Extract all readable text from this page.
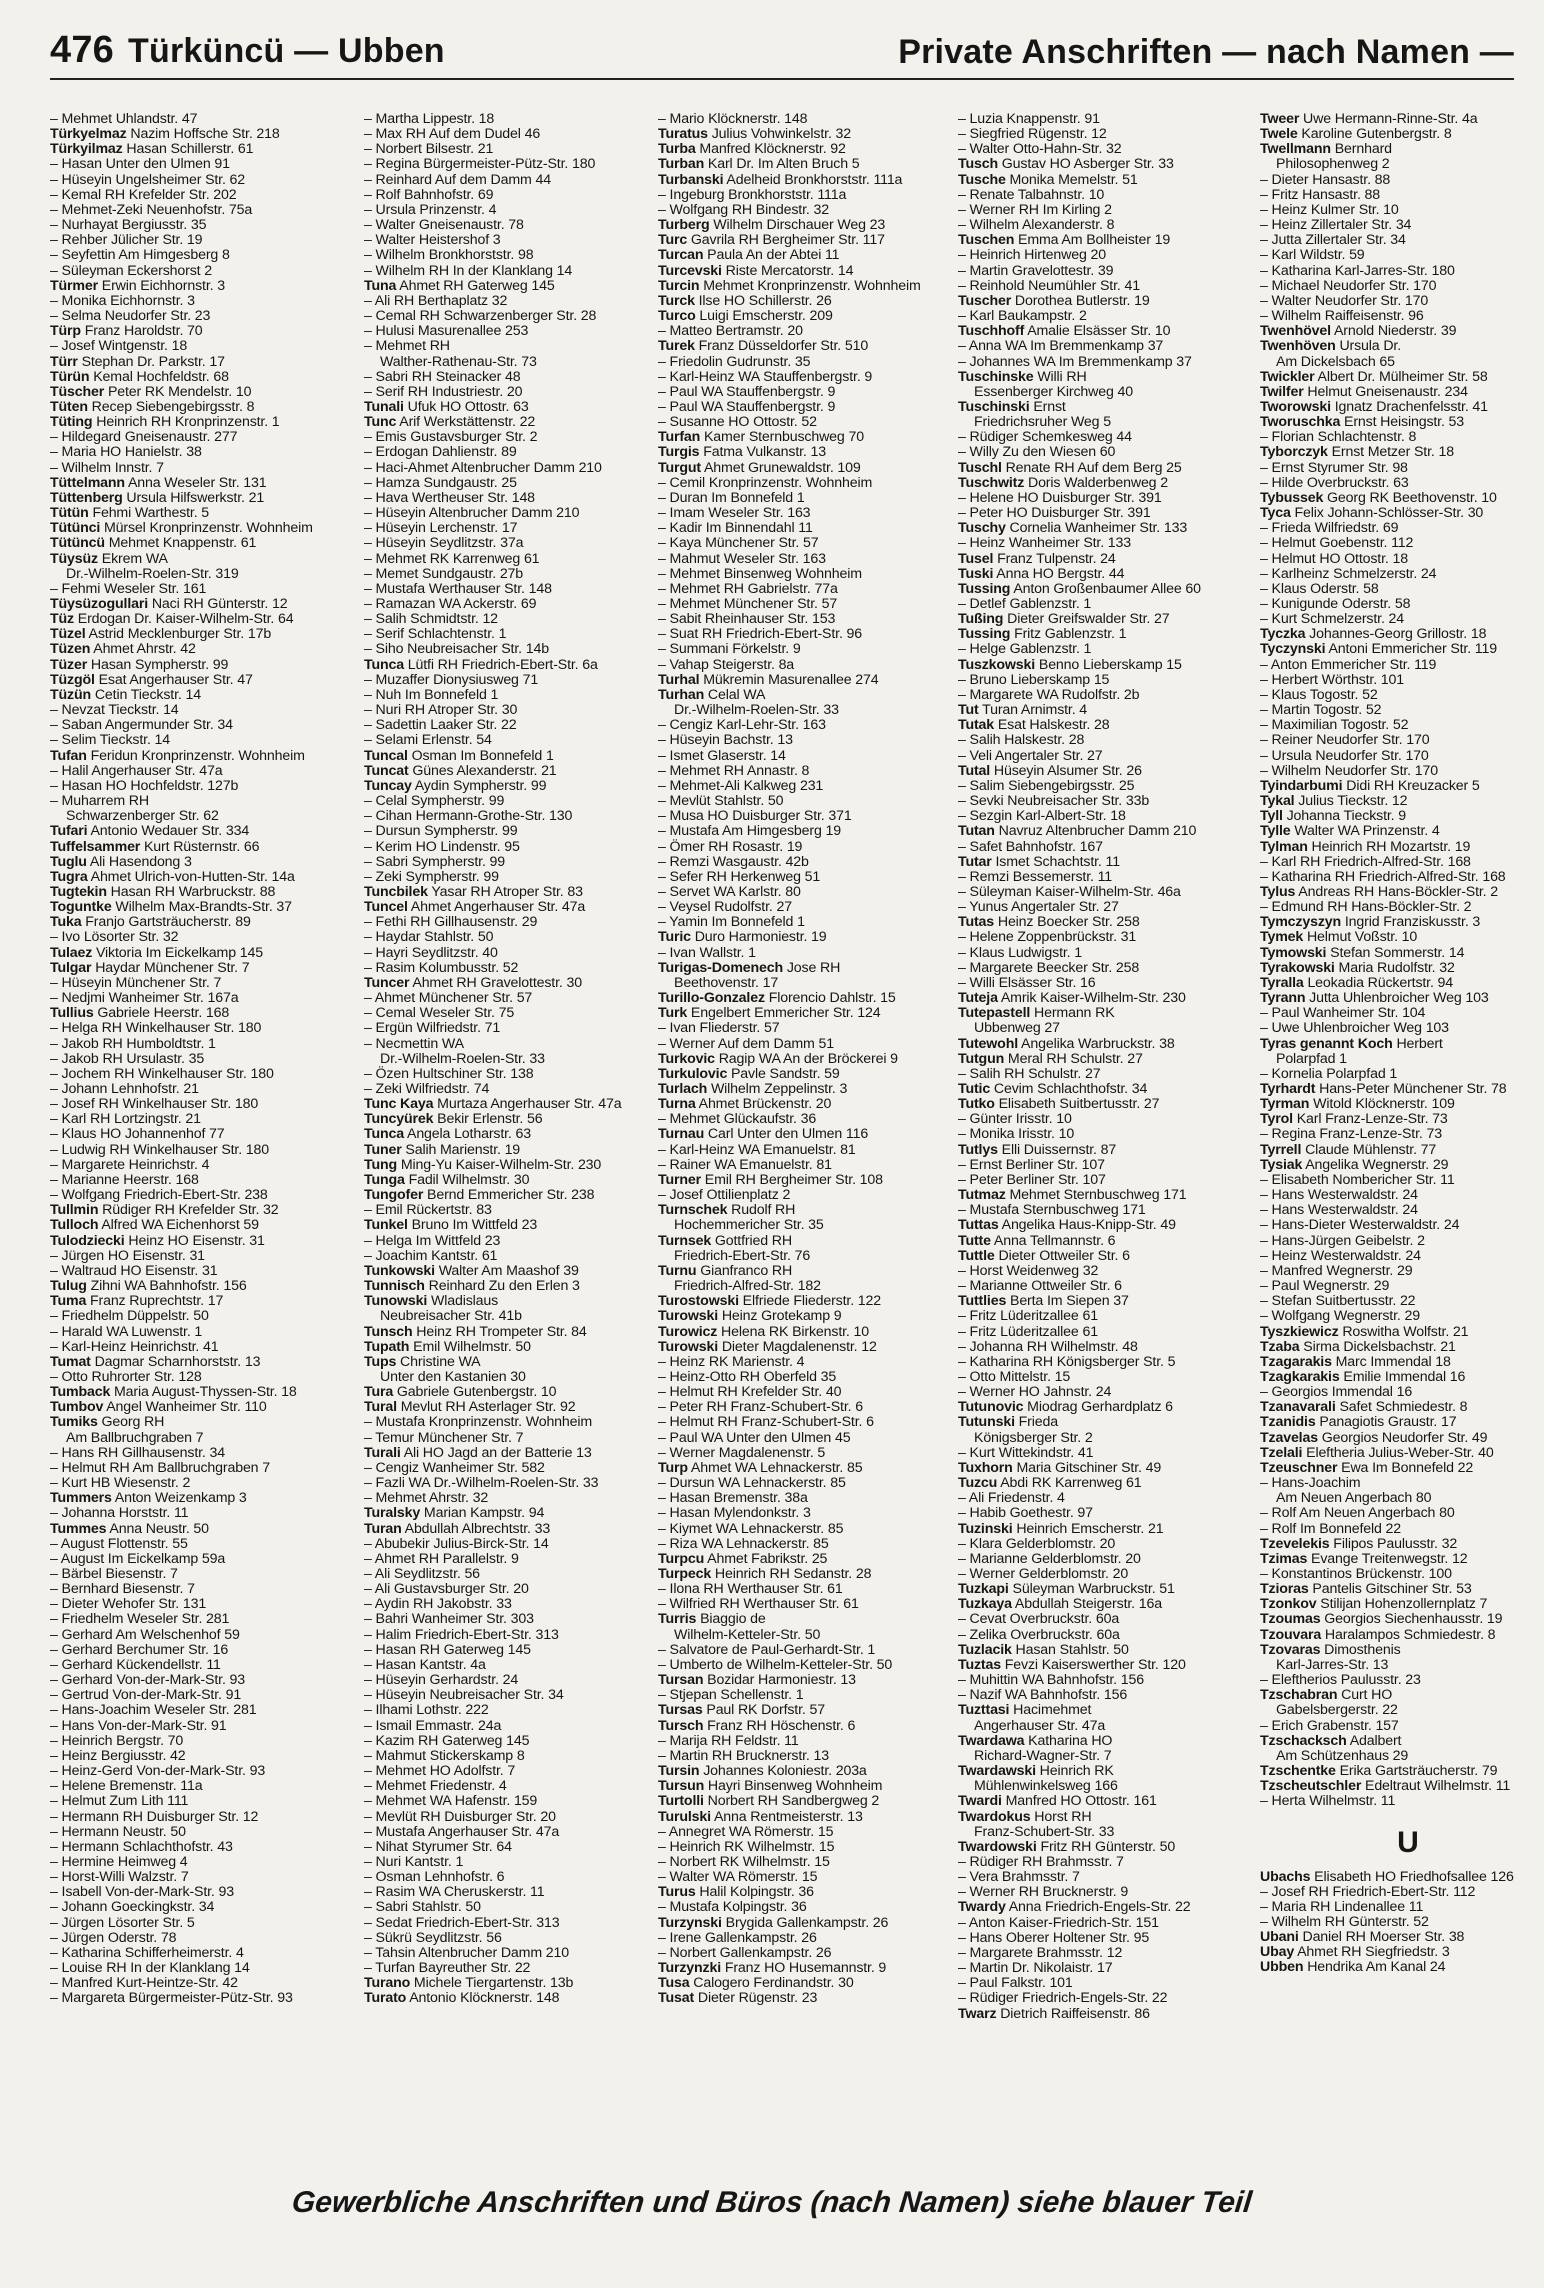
476 Türküncü — Ubben	Private Anschriften — nach Namen —
– Mehmet Uhlandstr. 47
Türkyelmaz Nazim Hoffsche Str. 218
Türkyilmaz Hasan Schillerstr. 61
– Hasan Unter den Ulmen 91
– Hüseyin Ungelsheimer Str. 62
– Kemal RH Krefelder Str. 202
– Mehmet-Zeki Neuenhofstr. 75a
– Nurhayat Bergiusstr. 35
– Rehber Jülicher Str. 19
– Seyfettin Am Himgesberg 8
– Süleyman Eckershorst 2
Türmer Erwin Eichhornstr. 3
– Monika Eichhornstr. 3
– Selma Neudorfer Str. 23
Türp Franz Haroldstr. 70
– Josef Wintgenstr. 18
Türr Stephan Dr. Parkstr. 17
Türün Kemal Hochfeldstr. 68
Tüscher Peter RK Mendelstr. 10
Tüten Recep Siebengebirgsstr. 8
Tüting Heinrich RH Kronprinzenstr. 1
– Hildegard Gneisenaustr. 277
– Maria HO Hanielstr. 38
– Wilhelm Innstr. 7
Tüttelmann Anna Weseler Str. 131
Tüttenberg Ursula Hilfswerkstr. 21
Tütün Fehmi Warthestr. 5
Tütünci Mürsel Kronprinzenstr. Wohnheim
Tütüncü Mehmet Knappenstr. 61
Tüysüz Ekrem WA
Dr.-Wilhelm-Roelen-Str. 319
– Fehmi Weseler Str. 161
Tüysüzogullari Naci RH Günterstr. 12
Tüz Erdogan Dr. Kaiser-Wilhelm-Str. 64
Tüzel Astrid Mecklenburger Str. 17b
Tüzen Ahmet Ahrstr. 42
Tüzer Hasan Sympherstr. 99
Tüzgöl Esat Angerhauser Str. 47
Tüzün Cetin Tieckstr. 14
– Nevzat Tieckstr. 14
– Saban Angermunder Str. 34
– Selim Tieckstr. 14
Tufan Feridun Kronprinzenstr. Wohnheim
– Halil Angerhauser Str. 47a
– Hasan HO Hochfeldstr. 127b
– Muharrem RH
Schwarzenberger Str. 62
Tufari Antonio Wedauer Str. 334
Tuffelsammer Kurt Rüsternstr. 66
Tuglu Ali Hasendong 3
Tugra Ahmet Ulrich-von-Hutten-Str. 14a
Tugtekin Hasan RH Warbruckstr. 88
Toguntke Wilhelm Max-Brandts-Str. 37
Tuka Franjo Gartsträucherstr. 89
– Ivo Lösorter Str. 32
Tulaez Viktoria Im Eickelkamp 145
Tulgar Haydar Münchener Str. 7
– Hüseyin Münchener Str. 7
– Nedjmi Wanheimer Str. 167a
Tullius Gabriele Heerstr. 168
– Helga RH Winkelhauser Str. 180
– Jakob RH Humboldtstr. 1
– Jakob RH Ursulastr. 35
– Jochem RH Winkelhauser Str. 180
– Johann Lehnhofstr. 21
– Josef RH Winkelhauser Str. 180
– Karl RH Lortzingstr. 21
– Klaus HO Johannenhof 77
– Ludwig RH Winkelhauser Str. 180
– Margarete Heinrichstr. 4
– Marianne Heerstr. 168
– Wolfgang Friedrich-Ebert-Str. 238
Tullmin Rüdiger RH Krefelder Str. 32
Tulloch Alfred WA Eichenhorst 59
Tulodziecki Heinz HO Eisenstr. 31
– Jürgen HO Eisenstr. 31
– Waltraud HO Eisenstr. 31
Tulug Zihni WA Bahnhofstr. 156
Tuma Franz Ruprechtstr. 17
– Friedhelm Düppelstr. 50
– Harald WA Luwenstr. 1
– Karl-Heinz Heinrichstr. 41
Tumat Dagmar Scharnhorststr. 13
– Otto Ruhrorter Str. 128
Tumback Maria August-Thyssen-Str. 18
Tumbov Angel Wanheimer Str. 110
Tumiks Georg RH
Am Ballbruchgraben 7
– Hans RH Gillhausenstr. 34
– Helmut RH Am Ballbruchgraben 7
– Kurt HB Wiesenstr. 2
Tummers Anton Weizenkamp 3
– Johanna Horststr. 11
Tummes Anna Neustr. 50
– August Flottenstr. 55
– August Im Eickelkamp 59a
– Bärbel Biesenstr. 7
– Bernhard Biesenstr. 7
– Dieter Wehofer Str. 131
– Friedhelm Weseler Str. 281
– Gerhard Am Welschenhof 59
– Gerhard Berchumer Str. 16
– Gerhard Kückendellstr. 11
– Gerhard Von-der-Mark-Str. 93
– Gertrud Von-der-Mark-Str. 91
– Hans-Joachim Weseler Str. 281
– Hans Von-der-Mark-Str. 91
– Heinrich Bergstr. 70
– Heinz Bergiusstr. 42
– Heinz-Gerd Von-der-Mark-Str. 93
– Helene Bremenstr. 11a
– Helmut Zum Lith 111
– Hermann RH Duisburger Str. 12
– Hermann Neustr. 50
– Hermann Schlachthofstr. 43
– Hermine Heimweg 4
– Horst-Willi Walzstr. 7
– Isabell Von-der-Mark-Str. 93
– Johann Goeckingkstr. 34
– Jürgen Lösorter Str. 5
– Jürgen Oderstr. 78
– Katharina Schifferheimerstr. 4
– Louise RH In der Klanklang 14
– Manfred Kurt-Heintze-Str. 42
– Margareta Bürgermeister-Pütz-Str. 93
– Martha Lippestr. 18
– Max RH Auf dem Dudel 46
– Norbert Bilsestr. 21
– Regina Bürgermeister-Pütz-Str. 180
– Reinhard Auf dem Damm 44
– Rolf Bahnhofstr. 69
– Ursula Prinzenstr. 4
– Walter Gneisenaustr. 78
– Walter Heistershof 3
– Wilhelm Bronkhorststr. 98
– Wilhelm RH In der Klanklang 14
Tuna Ahmet RH Gaterweg 145
– Ali RH Berthaplatz 32
– Cemal RH Schwarzenberger Str. 28
– Hulusi Masurenallee 253
– Mehmet RH
Walther-Rathenau-Str. 73
– Sabri RH Steinacker 48
– Serif RH Industriestr. 20
Tunali Ufuk HO Ottostr. 63
Tunc Arif Werkstättenstr. 22
– Emis Gustavsburger Str. 2
– Erdogan Dahlienstr. 89
– Haci-Ahmet Altenbrucher Damm 210
– Hamza Sundgaustr. 25
– Hava Wertheuser Str. 148
– Hüseyin Altenbrucher Damm 210
– Hüseyin Lerchenstr. 17
– Hüseyin Seydlitzstr. 37a
– Mehmet RK Karrenweg 61
– Memet Sundgaustr. 27b
– Mustafa Werthauser Str. 148
– Ramazan WA Ackerstr. 69
– Salih Schmidtstr. 12
– Serif Schlachtenstr. 1
– Siho Neubreisacher Str. 14b
Tunca Lütfi RH Friedrich-Ebert-Str. 6a
– Muzaffer Dionysiusweg 71
– Nuh Im Bonnefeld 1
– Nuri RH Atroper Str. 30
– Sadettin Laaker Str. 22
– Selami Erlenstr. 54
Tuncal Osman Im Bonnefeld 1
Tuncat Günes Alexanderstr. 21
Tuncay Aydin Sympherstr. 99
– Celal Sympherstr. 99
– Cihan Hermann-Grothe-Str. 130
– Dursun Sympherstr. 99
– Kerim HO Lindenstr. 95
– Sabri Sympherstr. 99
– Zeki Sympherstr. 99
Tuncbilek Yasar RH Atroper Str. 83
Tuncel Ahmet Angerhauser Str. 47a
– Fethi RH Gillhausenstr. 29
– Haydar Stahlstr. 50
– Hayri Seydlitzstr. 40
– Rasim Kolumbusstr. 52
Tuncer Ahmet RH Gravelottestr. 30
– Ahmet Münchener Str. 57
– Cemal Weseler Str. 75
– Ergün Wilfriedstr. 71
– Necmettin WA
Dr.-Wilhelm-Roelen-Str. 33
– Özen Hultschiner Str. 138
– Zeki Wilfriedstr. 74
Tunc Kaya Murtaza Angerhauser Str. 47a
Tuncyürek Bekir Erlenstr. 56
Tunca Angela Lotharstr. 63
Tuner Salih Marienstr. 19
Tung Ming-Yu Kaiser-Wilhelm-Str. 230
Tunga Fadil Wilhelmstr. 30
Tungofer Bernd Emmericher Str. 238
– Emil Rückertstr. 83
Tunkel Bruno Im Wittfeld 23
– Helga Im Wittfeld 23
– Joachim Kantstr. 61
Tunkowski Walter Am Maashof 39
Tunnisch Reinhard Zu den Erlen 3
Tunowski Wladislaus
Neubreisacher Str. 41b
Tunsch Heinz RH Trompeter Str. 84
Tupath Emil Wilhelmstr. 50
Tups Christine WA
Unter den Kastanien 30
Tura Gabriele Gutenbergstr. 10
Tural Mevlut RH Asterlager Str. 92
– Mustafa Kronprinzenstr. Wohnheim
– Temur Münchener Str. 7
Turali Ali HO Jagd an der Batterie 13
– Cengiz Wanheimer Str. 582
– Fazli WA Dr.-Wilhelm-Roelen-Str. 33
– Mehmet Ahrstr. 32
Turalsky Marian Kampstr. 94
Turan Abdullah Albrechtstr. 33
– Abubekir Julius-Birck-Str. 14
– Ahmet RH Parallelstr. 9
– Ali Seydlitzstr. 56
– Ali Gustavsburger Str. 20
– Aydin RH Jakobstr. 33
– Bahri Wanheimer Str. 303
– Halim Friedrich-Ebert-Str. 313
– Hasan RH Gaterweg 145
– Hasan Kantstr. 4a
– Hüseyin Gerhardstr. 24
– Hüseyin Neubreisacher Str. 34
– Ilhami Lothstr. 222
– Ismail Emmastr. 24a
– Kazim RH Gaterweg 145
– Mahmut Stickerskamp 8
– Mehmet HO Adolfstr. 7
– Mehmet Friedenstr. 4
– Mehmet WA Hafenstr. 159
– Mevlüt RH Duisburger Str. 20
– Mustafa Angerhauser Str. 47a
– Nihat Styrumer Str. 64
– Nuri Kantstr. 1
– Osman Lehnhofstr. 6
– Rasim WA Cheruskerstr. 11
– Sabri Stahlstr. 50
– Sedat Friedrich-Ebert-Str. 313
– Sükrü Seydlitzstr. 56
– Tahsin Altenbrucher Damm 210
– Turfan Bayreuther Str. 22
Turano Michele Tiergartenstr. 13b
Turato Antonio Klöcknerstr. 148
– Mario Klöcknerstr. 148
Turatus Julius Vohwinkelstr. 32
Turba Manfred Klöcknerstr. 92
Turban Karl Dr. Im Alten Bruch 5
Turbanski Adelheid Bronkhorststr. 111a
– Ingeburg Bronkhorststr. 111a
– Wolfgang RH Bindestr. 32
Turberg Wilhelm Dirschauer Weg 23
Turc Gavrila RH Bergheimer Str. 117
Turcan Paula An der Abtei 11
Turcevski Riste Mercatorstr. 14
Turcin Mehmet Kronprinzenstr. Wohnheim
Turck Ilse HO Schillerstr. 26
Turco Luigi Emscherstr. 209
– Matteo Bertramstr. 20
Turek Franz Düsseldorfer Str. 510
– Friedolin Gudrunstr. 35
– Karl-Heinz WA Stauffenbergstr. 9
– Paul WA Stauffenbergstr. 9
– Paul WA Stauffenbergstr. 9
– Susanne HO Ottostr. 52
Turfan Kamer Sternbuschweg 70
Turgis Fatma Vulkanstr. 13
Turgut Ahmet Grunewaldstr. 109
– Cemil Kronprinzenstr. Wohnheim
– Duran Im Bonnefeld 1
– Imam Weseler Str. 163
– Kadir Im Binnendahl 11
– Kaya Münchener Str. 57
– Mahmut Weseler Str. 163
– Mehmet Binsenweg Wohnheim
– Mehmet RH Gabrielstr. 77a
– Mehmet Münchener Str. 57
– Sabit Rheinhauser Str. 153
– Suat RH Friedrich-Ebert-Str. 96
– Summani Förkelstr. 9
– Vahap Steigerstr. 8a
Turhal Mükremin Masurenallee 274
Turhan Celal WA
Dr.-Wilhelm-Roelen-Str. 33
– Cengiz Karl-Lehr-Str. 163
– Hüseyin Bachstr. 13
– Ismet Glaserstr. 14
– Mehmet RH Annastr. 8
– Mehmet-Ali Kalkweg 231
– Mevlüt Stahlstr. 50
– Musa HO Duisburger Str. 371
– Mustafa Am Himgesberg 19
– Ömer RH Rosastr. 19
– Remzi Wasgaustr. 42b
– Sefer RH Herkenweg 51
– Servet WA Karlstr. 80
– Veysel Rudolfstr. 27
– Yamin Im Bonnefeld 1
Turic Duro Harmoniestr. 19
– Ivan Wallstr. 1
Turigas-Domenech Jose RH
Beethovenstr. 17
Turillo-Gonzalez Florencio Dahlstr. 15
Turk Engelbert Emmericher Str. 124
– Ivan Fliederstr. 57
– Werner Auf dem Damm 51
Turkovic Ragip WA An der Bröckerei 9
Turkulovic Pavle Sandstr. 59
Turlach Wilhelm Zeppelinstr. 3
Turna Ahmet Brückenstr. 20
– Mehmet Glückaufstr. 36
Turnau Carl Unter den Ulmen 116
– Karl-Heinz WA Emanuelstr. 81
– Rainer WA Emanuelstr. 81
Turner Emil RH Bergheimer Str. 108
– Josef Ottilienplatz 2
Turnschek Rudolf RH
Hochemmericher Str. 35
Turnsek Gottfried RH
Friedrich-Ebert-Str. 76
Turnu Gianfranco RH
Friedrich-Alfred-Str. 182
Turostowski Elfriede Fliederstr. 122
Turowski Heinz Grotekamp 9
Turowicz Helena RK Birkenstr. 10
Turowski Dieter Magdalenenstr. 12
– Heinz RK Marienstr. 4
– Heinz-Otto RH Oberfeld 35
– Helmut RH Krefelder Str. 40
– Peter RH Franz-Schubert-Str. 6
– Helmut RH Franz-Schubert-Str. 6
– Paul WA Unter den Ulmen 45
– Werner Magdalenenstr. 5
Turp Ahmet WA Lehnackerstr. 85
– Dursun WA Lehnackerstr. 85
– Hasan Bremenstr. 38a
– Hasan Mylendonkstr. 3
– Kiymet WA Lehnackerstr. 85
– Riza WA Lehnackerstr. 85
Turpcu Ahmet Fabrikstr. 25
Turpeck Heinrich RH Sedanstr. 28
– Ilona RH Werthauser Str. 61
– Wilfried RH Werthauser Str. 61
Turris Biaggio de
Wilhelm-Ketteler-Str. 50
– Salvatore de Paul-Gerhardt-Str. 1
– Umberto de Wilhelm-Ketteler-Str. 50
Tursan Bozidar Harmoniestr. 13
– Stjepan Schellenstr. 1
Tursas Paul RK Dorfstr. 57
Tursch Franz RH Höschenstr. 6
– Marija RH Feldstr. 11
– Martin RH Brucknerstr. 13
Tursin Johannes Koloniestr. 203a
Tursun Hayri Binsenweg Wohnheim
Turtolli Norbert RH Sandbergweg 2
Turulski Anna Rentmeisterstr. 13
– Annegret WA Römerstr. 15
– Heinrich RK Wilhelmstr. 15
– Norbert RK Wilhelmstr. 15
– Walter WA Römerstr. 15
Turus Halil Kolpingstr. 36
– Mustafa Kolpingstr. 36
Turzynski Brygida Gallenkampstr. 26
– Irene Gallenkampstr. 26
– Norbert Gallenkampstr. 26
Turzynzki Franz HO Husemannstr. 9
Tusa Calogero Ferdinandstr. 30
Tusat Dieter Rügenstr. 23
– Luzia Knappenstr. 91
– Siegfried Rügenstr. 12
– Walter Otto-Hahn-Str. 32
Tusch Gustav HO Asberger Str. 33
Tusche Monika Memelstr. 51
– Renate Talbahnstr. 10
– Werner RH Im Kirling 2
– Wilhelm Alexanderstr. 8
Tuschen Emma Am Bollheister 19
– Heinrich Hirtenweg 20
– Martin Gravelottestr. 39
– Reinhold Neumühler Str. 41
Tuscher Dorothea Butlerstr. 19
– Karl Baukampstr. 2
Tuschhoff Amalie Elsässer Str. 10
– Anna WA Im Bremmenkamp 37
– Johannes WA Im Bremmenkamp 37
Tuschinske Willi RH
Essenberger Kirchweg 40
Tuschinski Ernst
Friedrichsruher Weg 5
– Rüdiger Schemkesweg 44
– Willy Zu den Wiesen 60
Tuschl Renate RH Auf dem Berg 25
Tuschwitz Doris Walderbenweg 2
– Helene HO Duisburger Str. 391
– Peter HO Duisburger Str. 391
Tuschy Cornelia Wanheimer Str. 133
– Heinz Wanheimer Str. 133
Tusel Franz Tulpenstr. 24
Tuski Anna HO Bergstr. 44
Tussing Anton Großenbaumer Allee 60
– Detlef Gablenzstr. 1
Tußing Dieter Greifswalder Str. 27
Tussing Fritz Gablenzstr. 1
– Helge Gablenzstr. 1
Tuszkowski Benno Lieberskamp 15
– Bruno Lieberskamp 15
– Margarete WA Rudolfstr. 2b
Tut Turan Arnimstr. 4
Tutak Esat Halskestr. 28
– Salih Halskestr. 28
– Veli Angertaler Str. 27
Tutal Hüseyin Alsumer Str. 26
– Salim Siebengebirgsstr. 25
– Sevki Neubreisacher Str. 33b
– Sezgin Karl-Albert-Str. 18
Tutan Navruz Altenbrucher Damm 210
– Safet Bahnhofstr. 167
Tutar Ismet Schachtstr. 11
– Remzi Bessemerstr. 11
– Süleyman Kaiser-Wilhelm-Str. 46a
– Yunus Angertaler Str. 27
Tutas Heinz Boecker Str. 258
– Helene Zoppenbrückstr. 31
– Klaus Ludwigstr. 1
– Margarete Beecker Str. 258
– Willi Elsässer Str. 16
Tuteja Amrik Kaiser-Wilhelm-Str. 230
Tutepastell Hermann RK
Ubbenweg 27
Tutewohl Angelika Warbruckstr. 38
Tutgun Meral RH Schulstr. 27
– Salih RH Schulstr. 27
Tutic Cevim Schlachthofstr. 34
Tutko Elisabeth Suitbertusstr. 27
– Günter Irisstr. 10
– Monika Irisstr. 10
Tutlys Elli Duissernstr. 87
– Ernst Berliner Str. 107
– Peter Berliner Str. 107
Tutmaz Mehmet Sternbuschweg 171
– Mustafa Sternbuschweg 171
Tuttas Angelika Haus-Knipp-Str. 49
Tutte Anna Tellmannstr. 6
Tuttle Dieter Ottweiler Str. 6
– Horst Weidenweg 32
– Marianne Ottweiler Str. 6
Tuttlies Berta Im Siepen 37
– Fritz Lüderitzallee 61
– Fritz Lüderitzallee 61
– Johanna RH Wilhelmstr. 48
– Katharina RH Königsberger Str. 5
– Otto Mittelstr. 15
– Werner HO Jahnstr. 24
Tutunovic Miodrag Gerhardplatz 6
Tutunski Frieda
Königsberger Str. 2
– Kurt Wittekindstr. 41
Tuxhorn Maria Gitschiner Str. 49
Tuzcu Abdi RK Karrenweg 61
– Ali Friedenstr. 4
– Habib Goethestr. 97
Tuzinski Heinrich Emscherstr. 21
– Klara Gelderblomstr. 20
– Marianne Gelderblomstr. 20
– Werner Gelderblomstr. 20
Tuzkapi Süleyman Warbruckstr. 51
Tuzkaya Abdullah Steigerstr. 16a
– Cevat Overbruckstr. 60a
– Zelika Overbruckstr. 60a
Tuzlacik Hasan Stahlstr. 50
Tuztas Fevzi Kaiserswerther Str. 120
– Muhittin WA Bahnhofstr. 156
– Nazif WA Bahnhofstr. 156
Tuzttasi Hacimehmet
Angerhauser Str. 47a
Twardawa Katharina HO
Richard-Wagner-Str. 7
Twardawski Heinrich RK
Mühlenwinkelsweg 166
Twardi Manfred HO Ottostr. 161
Twardokus Horst RH
Franz-Schubert-Str. 33
Twardowski Fritz RH Günterstr. 50
– Rüdiger RH Brahmsstr. 7
– Vera Brahmsstr. 7
– Werner RH Brucknerstr. 9
Twardy Anna Friedrich-Engels-Str. 22
– Anton Kaiser-Friedrich-Str. 151
– Hans Oberer Holtener Str. 95
– Margarete Brahmsstr. 12
– Martin Dr. Nikolaistr. 17
– Paul Falkstr. 101
– Rüdiger Friedrich-Engels-Str. 22
Twarz Dietrich Raiffeisenstr. 86
Tweer Uwe Hermann-Rinne-Str. 4a
Twele Karoline Gutenbergstr. 8
Twellmann Bernhard
Philosophenweg 2
– Dieter Hansastr. 88
– Fritz Hansastr. 88
– Heinz Kulmer Str. 10
– Heinz Zillertaler Str. 34
– Jutta Zillertaler Str. 34
– Karl Wildstr. 59
– Katharina Karl-Jarres-Str. 180
– Michael Neudorfer Str. 170
– Walter Neudorfer Str. 170
– Wilhelm Raiffeisenstr. 96
Twenhövel Arnold Niederstr. 39
Twenhöven Ursula Dr.
Am Dickelsbach 65
Twickler Albert Dr. Mülheimer Str. 58
Twilfer Helmut Gneisenaustr. 234
Tworowski Ignatz Drachenfelsstr. 41
Tworuschka Ernst Heisingstr. 53
– Florian Schlachtenstr. 8
Tyborczyk Ernst Metzer Str. 18
– Ernst Styrumer Str. 98
– Hilde Overbruckstr. 63
Tybussek Georg RK Beethovenstr. 10
Tyca Felix Johann-Schlösser-Str. 30
– Frieda Wilfriedstr. 69
– Helmut Goebenstr. 112
– Helmut HO Ottostr. 18
– Karlheinz Schmelzerstr. 24
– Klaus Oderstr. 58
– Kunigunde Oderstr. 58
– Kurt Schmelzerstr. 24
Tyczka Johannes-Georg Grillostr. 18
Tyczynski Antoni Emmericher Str. 119
– Anton Emmericher Str. 119
– Herbert Wörthstr. 101
– Klaus Togostr. 52
– Martin Togostr. 52
– Maximilian Togostr. 52
– Reiner Neudorfer Str. 170
– Ursula Neudorfer Str. 170
– Wilhelm Neudorfer Str. 170
Tyindarbumi Didi RH Kreuzacker 5
Tykal Julius Tieckstr. 12
Tyll Johanna Tieckstr. 9
Tylle Walter WA Prinzenstr. 4
Tylman Heinrich RH Mozartstr. 19
– Karl RH Friedrich-Alfred-Str. 168
– Katharina RH Friedrich-Alfred-Str. 168
Tylus Andreas RH Hans-Böckler-Str. 2
– Edmund RH Hans-Böckler-Str. 2
Tymczyszyn Ingrid Franziskusstr. 3
Tymek Helmut Voßstr. 10
Tymowski Stefan Sommerstr. 14
Tyrakowski Maria Rudolfstr. 32
Tyralla Leokadia Rückertstr. 94
Tyrann Jutta Uhlenbroicher Weg 103
– Paul Wanheimer Str. 104
– Uwe Uhlenbroicher Weg 103
Tyras genannt Koch Herbert
Polarpfad 1
– Kornelia Polarpfad 1
Tyrhardt Hans-Peter Münchener Str. 78
Tyrman Witold Klöcknerstr. 109
Tyrol Karl Franz-Lenze-Str. 73
– Regina Franz-Lenze-Str. 73
Tyrrell Claude Mühlenstr. 77
Tysiak Angelika Wegnerstr. 29
– Elisabeth Nombericher Str. 11
– Hans Westerwaldstr. 24
– Hans Westerwaldstr. 24
– Hans-Dieter Westerwaldstr. 24
– Hans-Jürgen Geibelstr. 2
– Heinz Westerwaldstr. 24
– Manfred Wegnerstr. 29
– Paul Wegnerstr. 29
– Stefan Suitbertusstr. 22
– Wolfgang Wegnerstr. 29
Tyszkiewicz Roswitha Wolfstr. 21
Tzaba Sirma Dickelsbachstr. 21
Tzagarakis Marc Immendal 18
Tzagkarakis Emilie Immendal 16
– Georgios Immendal 16
Tzanavarali Safet Schmiedestr. 8
Tzanidis Panagiotis Graustr. 17
Tzavelas Georgios Neudorfer Str. 49
Tzelali Eleftheria Julius-Weber-Str. 40
Tzeuschner Ewa Im Bonnefeld 22
– Hans-Joachim
Am Neuen Angerbach 80
– Rolf Am Neuen Angerbach 80
– Rolf Im Bonnefeld 22
Tzevelekis Filipos Paulusstr. 32
Tzimas Evange Treitenwegstr. 12
– Konstantinos Brückenstr. 100
Tzioras Pantelis Gitschiner Str. 53
Tzonkov Stilijan Hohenzollernplatz 7
Tzoumas Georgios Siechenhausstr. 19
Tzouvara Haralampos Schmiedestr. 8
Tzovaras Dimosthenis
Karl-Jarres-Str. 13
– Eleftherios Paulusstr. 23
Tzschabran Curt HO
Gabelsbergerstr. 22
– Erich Grabenstr. 157
Tzschacksch Adalbert
Am Schützenhaus 29
Tzschentke Erika Gartsträucherstr. 79
Tzscheutschler Edeltraut Wilhelmstr. 11
– Herta Wilhelmstr. 11
U
Ubachs Elisabeth HO Friedhofsallee 126
– Josef RH Friedrich-Ebert-Str. 112
– Maria RH Lindenallee 11
– Wilhelm RH Günterstr. 52
Ubani Daniel RH Moerser Str. 38
Ubay Ahmet RH Siegfriedstr. 3
Ubben Hendrika Am Kanal 24
Gewerbliche Anschriften und Büros (nach Namen) siehe blauer Teil
